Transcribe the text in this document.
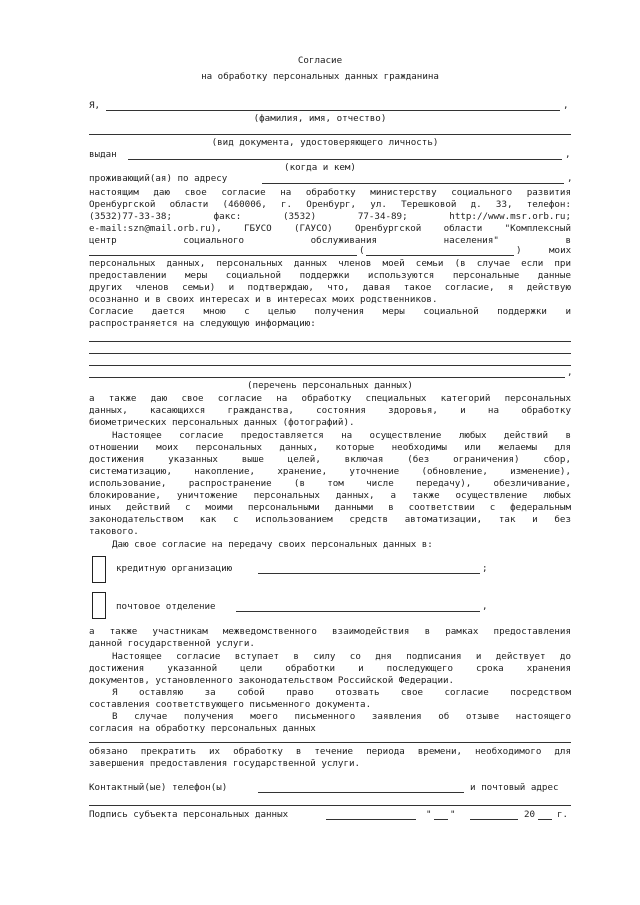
Согласие
на обработку персональных данных гражданина
Я,	,
(фамилия, имя, отчество)
(вид документа, удостоверяющего личность)
выдан	,
(когда и кем)
проживающий(ая) по адресу	,
настоящим даю свое согласие на обработку министерству социального развития
Оренбургской области (460006, г. Оренбург, ул. Терешковой д. 33, телефон:
(3532)77-33-38; факс: (3532) 77-34-89; http://www.msr.orb.ru;
e-mail:szn@mail.orb.ru), ГБУСО (ГАУСО) Оренбургской области "Комплексный
центр социального обслуживания населения" в
(	)	моих
персональных данных, персональных данных членов моей семьи (в случае если при
предоставлении меры социальной поддержки используются персональные данные
других членов семьи) и подтверждаю, что, давая такое согласие, я действую
осознанно и в своих интересах и в интересах моих родственников.
Согласие дается мною с целью получения меры социальной поддержки и
распространяется на следующую информацию:
,
(перечень персональных данных)
а также даю свое согласие на обработку специальных категорий персональных
данных, касающихся гражданства, состояния здоровья, и на обработку
биометрических персональных данных (фотографий).
Настоящее согласие предоставляется на осуществление любых действий в
отношении моих персональных данных, которые необходимы или желаемы для
достижения указанных выше целей, включая (без ограничения) сбор,
систематизацию, накопление, хранение, уточнение (обновление, изменение),
использование, распространение (в том числе передачу), обезличивание,
блокирование, уничтожение персональных данных, а также осуществление любых
иных действий с моими персональными данными в соответствии с федеральным
законодательством как с использованием средств автоматизации, так и без
такового.
Даю свое согласие на передачу своих персональных данных в:
кредитную организацию	;
почтовое отделение	,
а также участникам межведомственного взаимодействия в рамках предоставления
данной государственной услуги.
Настоящее согласие вступает в силу со дня подписания и действует до
достижения указанной цели обработки и последующего срока хранения
документов, установленного законодательством Российской Федерации.
Я оставляю за собой право отозвать свое согласие посредством
составления соответствующего письменного документа.
В случае получения моего письменного заявления об отзыве настоящего
согласия на обработку персональных данных
обязано прекратить их обработку в течение периода времени, необходимого для
завершения предоставления государственной услуги.
Контактный(ые) телефон(ы)	и почтовый адрес
Подпись субъекта персональных данных	" "	20 г.
